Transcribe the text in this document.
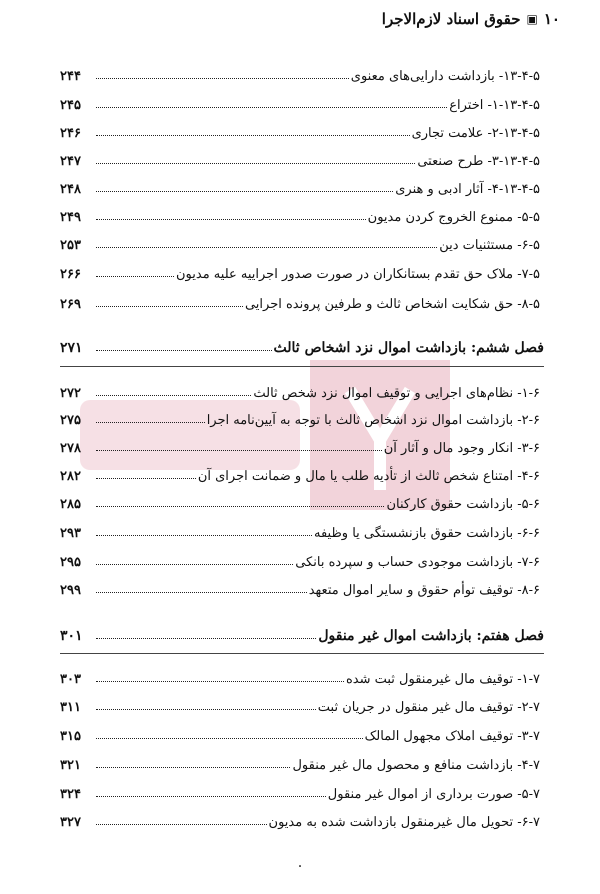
۱۰
▣
حقوق اسناد لازم‌الاجرا
۱۳-۴-۵- بازداشت دارایی‌های معنوی
۲۴۴
۱-۱۳-۴-۵- اختراع
۲۴۵
۲-۱۳-۴-۵- علامت تجاری
۲۴۶
۳-۱۳-۴-۵- طرح صنعتی
۲۴۷
۴-۱۳-۴-۵- آثار ادبی و هنری
۲۴۸
۵-۵- ممنوع الخروج کردن مدیون
۲۴۹
۶-۵- مستثنیات دین
۲۵۳
۷-۵- ملاک حق تقدم بستانکاران در صورت صدور اجراییه علیه مدیون
۲۶۶
۸-۵- حق شکایت اشخاص ثالث و طرفین پرونده اجرایی
۲۶۹
فصل ششم: بازداشت اموال نزد اشخاص ثالث
۲۷۱
۱-۶- نظام‌های اجرایی و توقیف اموال نزد شخص ثالث
۲۷۲
۲-۶- بازداشت اموال نزد اشخاص ثالث با توجه به آیین‌نامه اجرا
۲۷۵
۳-۶- انکار وجود مال و آثار آن
۲۷۸
۴-۶- امتناع شخص ثالث از تأدیه طلب یا مال و ضمانت اجرای آن
۲۸۲
۵-۶- بازداشت حقوق کارکنان
۲۸۵
۶-۶- بازداشت حقوق بازنشستگی یا وظیفه
۲۹۳
۷-۶- بازداشت موجودی حساب و سپرده بانکی
۲۹۵
۸-۶- توقیف توأم حقوق و سایر اموال متعهد
۲۹۹
فصل هفتم: بازداشت اموال غیر منقول
۳۰۱
۱-۷- توقیف مال غیرمنقول ثبت شده
۳۰۳
۲-۷- توقیف مال غیر منقول در جریان ثبت
۳۱۱
۳-۷- توقیف املاک مجهول المالک
۳۱۵
۴-۷- بازداشت منافع و محصول مال غیر منقول
۳۲۱
۵-۷- صورت برداری از اموال غیر منقول
۳۲۴
۶-۷- تحویل مال غیرمنقول بازداشت شده به مدیون
۳۲۷
٠
